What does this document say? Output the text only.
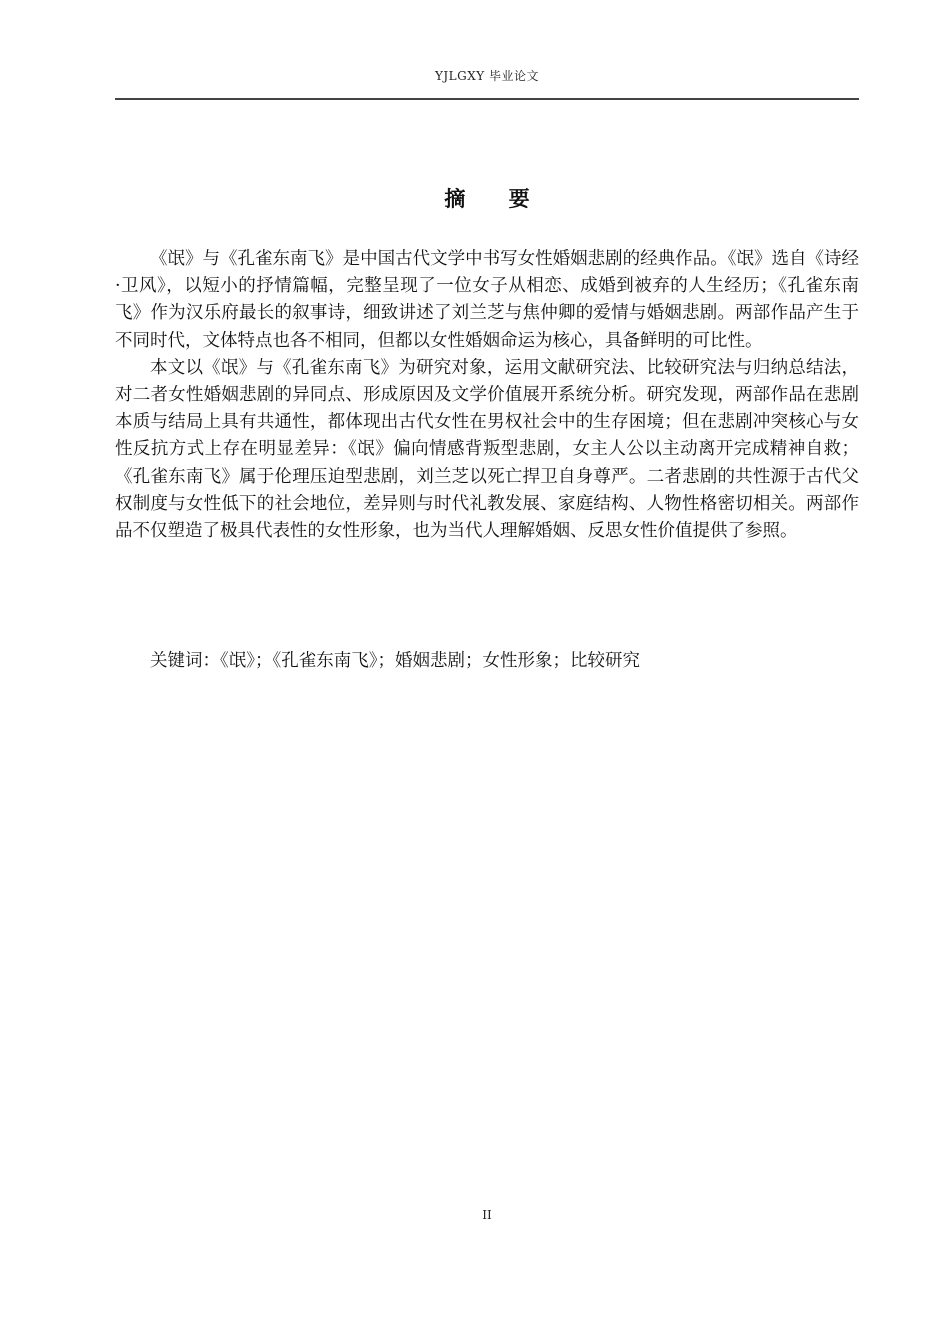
YJLGXY 毕业论文
摘 要

《氓》与《孔雀东南飞》是中国古代文学中书写女性婚姻悲剧的经典作品。《氓》选自《诗经·卫风》，以短小的抒情篇幅，完整呈现了一位女子从相恋、成婚到被弃的人生经历；《孔雀东南飞》作为汉乐府最长的叙事诗，细致讲述了刘兰芝与焦仲卿的爱情与婚姻悲剧。两部作品产生于不同时代，文体特点也各不相同，但都以女性婚姻命运为核心，具备鲜明的可比性。

本文以《氓》与《孔雀东南飞》为研究对象，运用文献研究法、比较研究法与归纳总结法，对二者女性婚姻悲剧的异同点、形成原因及文学价值展开系统分析。研究发现，两部作品在悲剧本质与结局上具有共通性，都体现出古代女性在男权社会中的生存困境；但在悲剧冲突核心与女性反抗方式上存在明显差异：《氓》偏向情感背叛型悲剧，女主人公以主动离开完成精神自救；《孔雀东南飞》属于伦理压迫型悲剧，刘兰芝以死亡捍卫自身尊严。二者悲剧的共性源于古代父权制度与女性低下的社会地位，差异则与时代礼教发展、家庭结构、人物性格密切相关。两部作品不仅塑造了极具代表性的女性形象，也为当代人理解婚姻、反思女性价值提供了参照。

关键词：《氓》；《孔雀东南飞》；婚姻悲剧；女性形象；比较研究
II
